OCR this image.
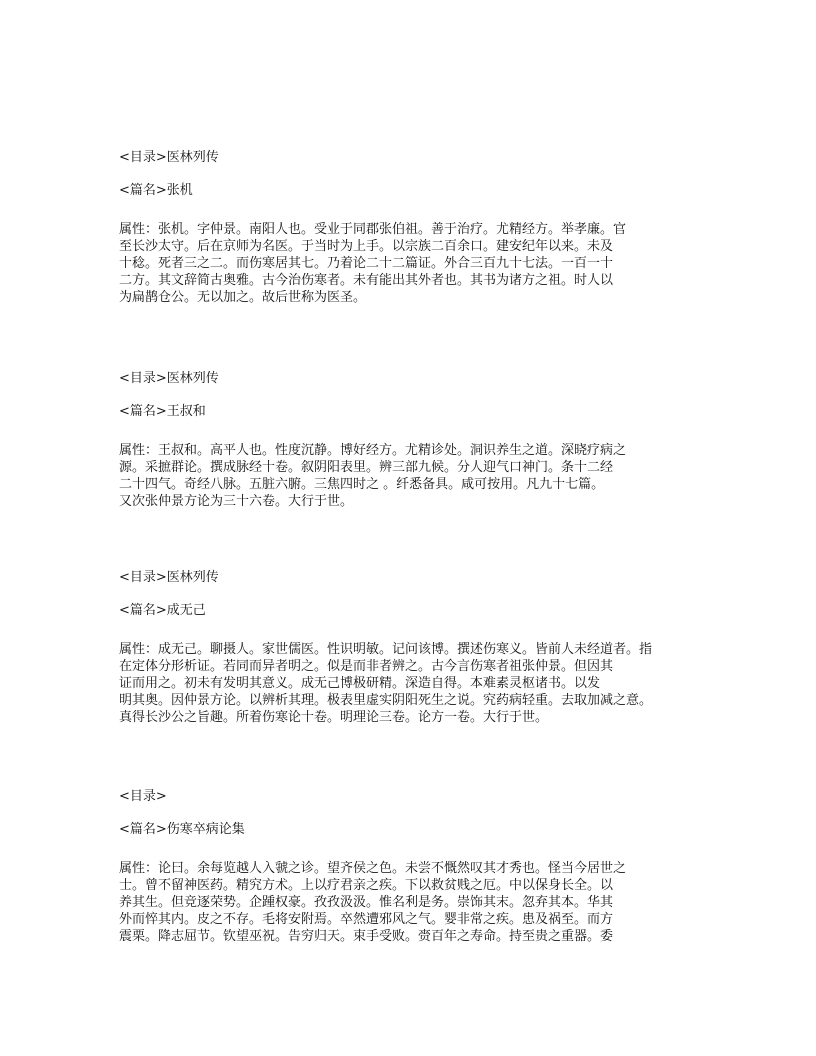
<目录>医林列传
<篇名>张机
属性：张机。字仲景。南阳人也。受业于同郡张伯祖。善于治疗。尤精经方。举孝廉。官
至长沙太守。后在京师为名医。于当时为上手。以宗族二百余口。建安纪年以来。未及
十稔。死者三之二。而伤寒居其七。乃着论二十二篇证。外合三百九十七法。一百一十
二方。其文辞简古奥雅。古今治伤寒者。未有能出其外者也。其书为诸方之祖。时人以
为扁鹊仓公。无以加之。故后世称为医圣。
<目录>医林列传
<篇名>王叔和
属性：王叔和。高平人也。性度沉静。博好经方。尤精诊处。洞识养生之道。深晓疗病之
源。采摭群论。撰成脉经十卷。叙阴阳表里。辨三部九候。分人迎气口神门。条十二经
二十四气。奇经八脉。五脏六腑。三焦四时之 。纤悉备具。咸可按用。凡九十七篇。
又次张仲景方论为三十六卷。大行于世。
<目录>医林列传
<篇名>成无己
属性：成无己。聊摄人。家世儒医。性识明敏。记问该博。撰述伤寒义。皆前人未经道者。指
在定体分形析证。若同而异者明之。似是而非者辨之。古今言伤寒者祖张仲景。但因其
证而用之。初未有发明其意义。成无己博极研精。深造自得。本难素灵枢诸书。以发
明其奥。因仲景方论。以辨析其理。极表里虚实阴阳死生之说。究药病轻重。去取加减之意。
真得长沙公之旨趣。所着伤寒论十卷。明理论三卷。论方一卷。大行于世。
<目录>
<篇名>伤寒卒病论集
属性：论曰。余每览越人入虢之诊。望齐侯之色。未尝不慨然叹其才秀也。怪当今居世之
士。曾不留神医药。精究方术。上以疗君亲之疾。下以救贫贱之厄。中以保身长全。以
养其生。但竞逐荣势。企踵权豪。孜孜汲汲。惟名利是务。崇饰其末。忽弃其本。华其
外而悴其内。皮之不存。毛将安附焉。卒然遭邪风之气。婴非常之疾。患及祸至。而方
震栗。降志屈节。钦望巫祝。告穷归天。束手受败。赍百年之寿命。持至贵之重器。委
